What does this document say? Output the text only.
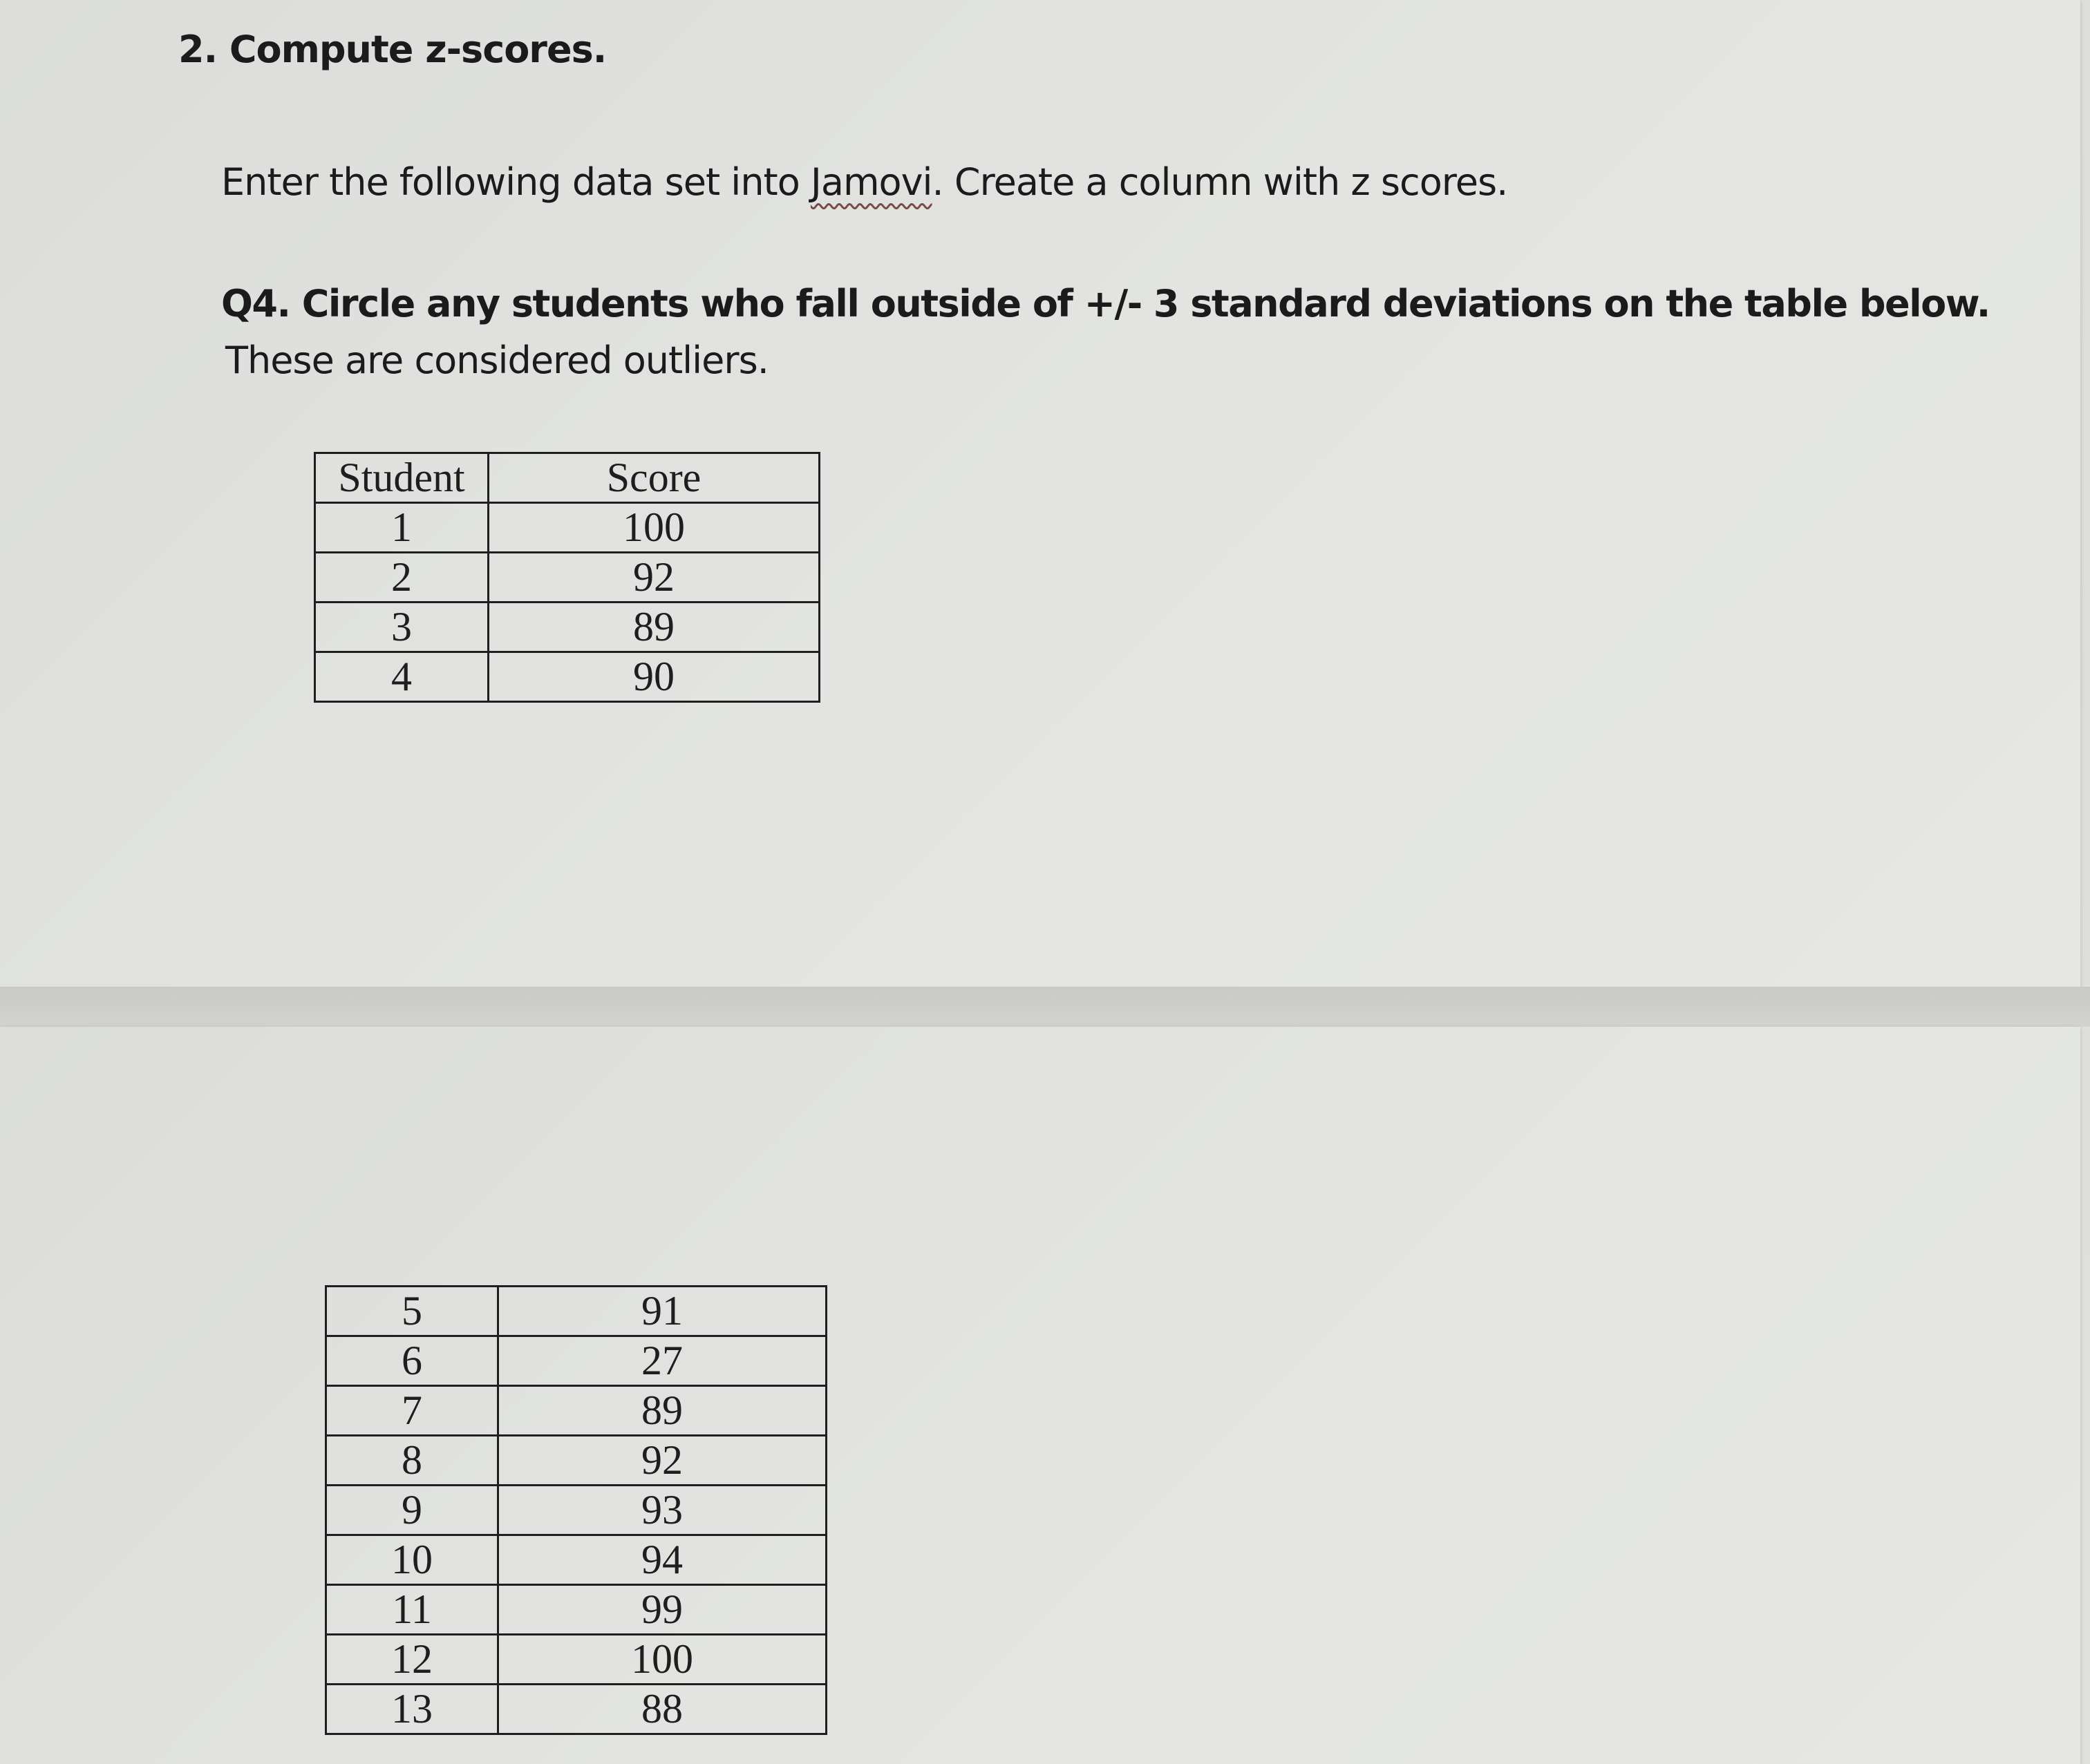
2. Compute z-scores.

Enter the following data set into Jamovi. Create a column with z scores.

Q4. Circle any students who fall outside of +/- 3 standard deviations on the table below.

These are considered outliers.

Student	Score
1	100
2	92
3	89
4	90
5	91
6	27
7	89
8	92
9	93
10	94
11	99
12	100
13	88
